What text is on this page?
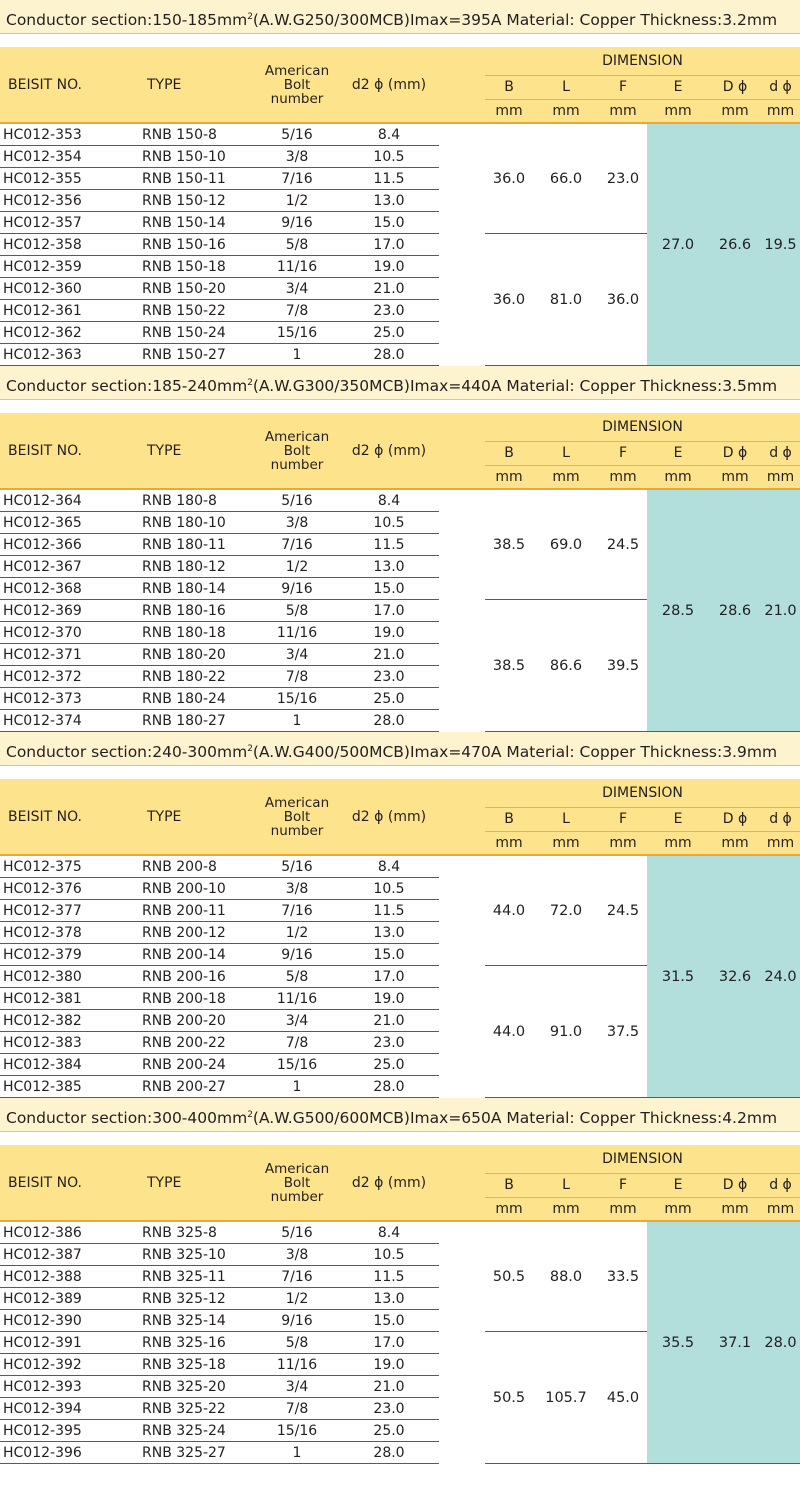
Conductor $section:150-185mm^2(A.W.G250/300MCB)Imax=395A$ Material: Copper Thickness:3.2mm
BEISIT NO.	TYPE	American
Bolt
number	d2 ϕ (mm)		DIMENSION					
					B	L	F	E	D ϕ	d ϕ
					mm	mm	mm	mm	mm	mm
HC012-353	RNB 150-8	5/16	8.4		36.0	66.0	23.0	27.0	26.6	19.5
HC012-354	RNB 150-10	3/8	10.5							
HC012-355	RNB 150-11	7/16	11.5							
HC012-356	RNB 150-12	1/2	13.0							
HC012-357	RNB 150-14	9/16	15.0							
HC012-358	RNB 150-16	5/8	17.0		36.0	81.0	36.0			
HC012-359	RNB 150-18	11/16	19.0							
HC012-360	RNB 150-20	3/4	21.0							
HC012-361	RNB 150-22	7/8	23.0							
HC012-362	RNB 150-24	15/16	25.0							
HC012-363	RNB 150-27	1	28.0							
Conductor $section:185-240mm^2(A.W.G300/350MCB)Imax=440A$ Material: Copper Thickness:3.5mm
BEISIT NO.	TYPE	American
Bolt
number	d2 ϕ (mm)		DIMENSION					
					B	L	F	E	D ϕ	d ϕ
					mm	mm	mm	mm	mm	mm
HC012-364	RNB 180-8	5/16	8.4		38.5	69.0	24.5	28.5	28.6	21.0
HC012-365	RNB 180-10	3/8	10.5							
HC012-366	RNB 180-11	7/16	11.5							
HC012-367	RNB 180-12	1/2	13.0							
HC012-368	RNB 180-14	9/16	15.0							
HC012-369	RNB 180-16	5/8	17.0		38.5	86.6	39.5			
HC012-370	RNB 180-18	11/16	19.0							
HC012-371	RNB 180-20	3/4	21.0							
HC012-372	RNB 180-22	7/8	23.0							
HC012-373	RNB 180-24	15/16	25.0							
HC012-374	RNB 180-27	1	28.0							
Conductor $section:240-300mm^2(A.W.G400/500MCB)Imax=470A$ Material: Copper Thickness:3.9mm
BEISIT NO.	TYPE	American
Bolt
number	d2 ϕ (mm)		DIMENSION					
					B	L	F	E	D ϕ	d ϕ
					mm	mm	mm	mm	mm	mm
HC012-375	RNB 200-8	5/16	8.4		44.0	72.0	24.5	31.5	32.6	24.0
HC012-376	RNB 200-10	3/8	10.5							
HC012-377	RNB 200-11	7/16	11.5							
HC012-378	RNB 200-12	1/2	13.0							
HC012-379	RNB 200-14	9/16	15.0							
HC012-380	RNB 200-16	5/8	17.0		44.0	91.0	37.5			
HC012-381	RNB 200-18	11/16	19.0							
HC012-382	RNB 200-20	3/4	21.0							
HC012-383	RNB 200-22	7/8	23.0							
HC012-384	RNB 200-24	15/16	25.0							
HC012-385	RNB 200-27	1	28.0							
Conductor $section:300-400mm^2(A.W.G500/600MCB)Imax=650A$ Material: Copper Thickness:4.2mm
BEISIT NO.	TYPE	American
Bolt
number	d2 ϕ (mm)		DIMENSION					
					B	L	F	E	D ϕ	d ϕ
					mm	mm	mm	mm	mm	mm
HC012-386	RNB 325-8	5/16	8.4		50.5	88.0	33.5	35.5	37.1	28.0
HC012-387	RNB 325-10	3/8	10.5							
HC012-388	RNB 325-11	7/16	11.5							
HC012-389	RNB 325-12	1/2	13.0							
HC012-390	RNB 325-14	9/16	15.0							
HC012-391	RNB 325-16	5/8	17.0		50.5	105.7	45.0			
HC012-392	RNB 325-18	11/16	19.0							
HC012-393	RNB 325-20	3/4	21.0							
HC012-394	RNB 325-22	7/8	23.0							
HC012-395	RNB 325-24	15/16	25.0							
HC012-396	RNB 325-27	1	28.0							
